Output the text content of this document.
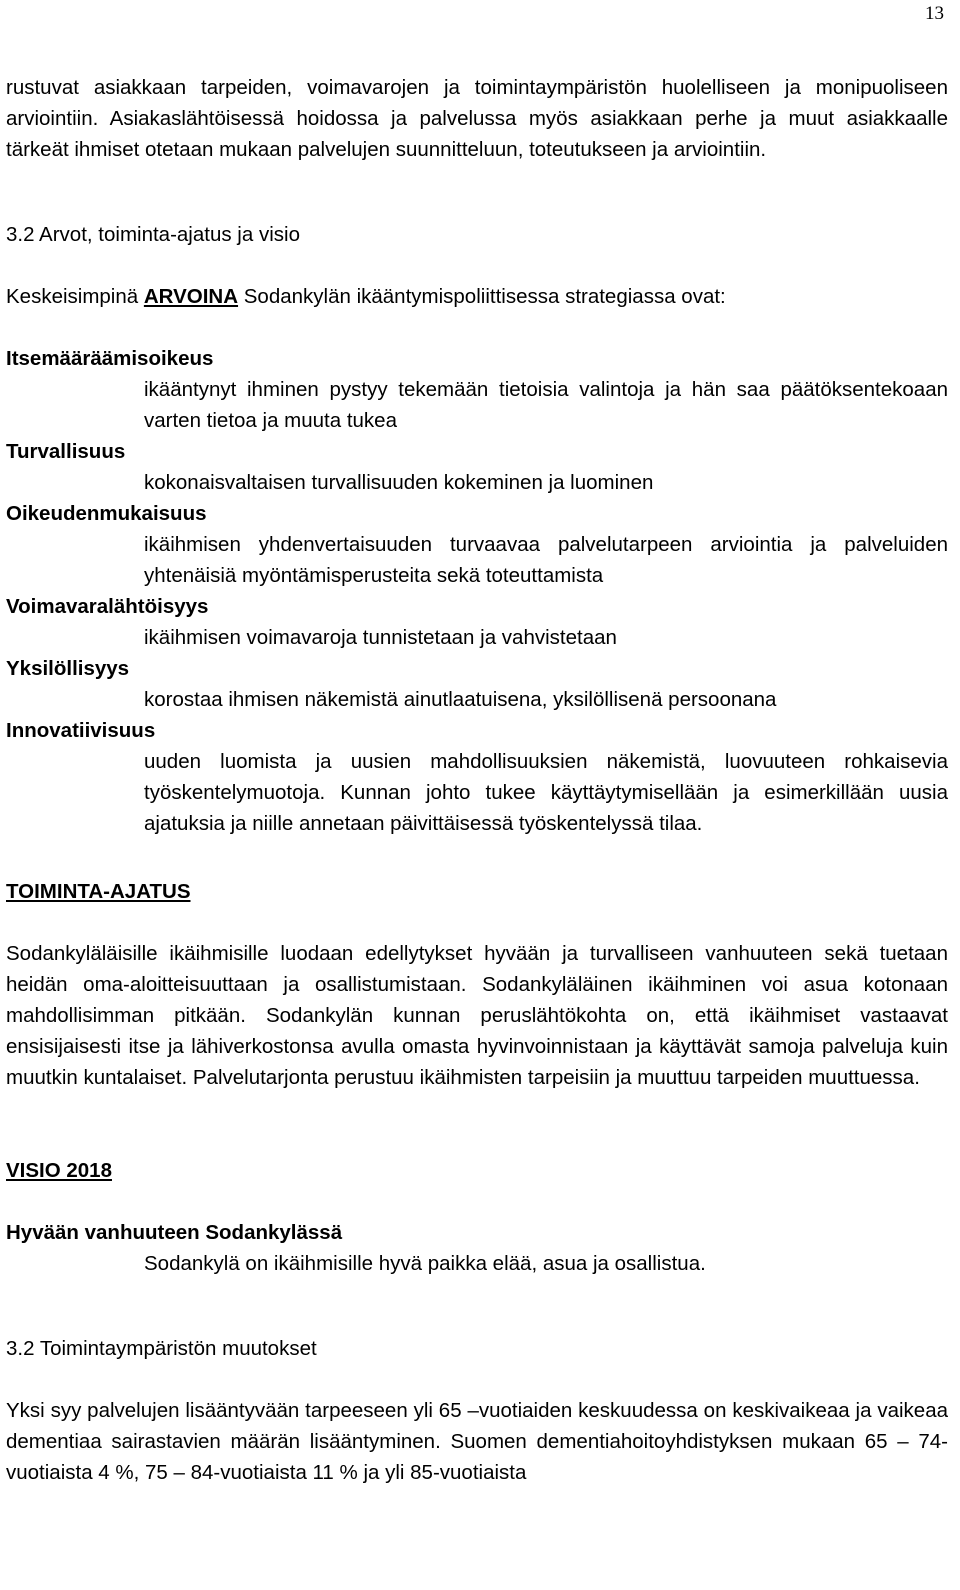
13

rustuvat asiakkaan tarpeiden, voimavarojen ja toimintaympäristön huolelliseen ja monipuoliseen arviointiin. Asiakaslähtöisessä hoidossa ja palvelussa myös asiakkaan perhe ja muut asiakkaalle tärkeät ihmiset otetaan mukaan palvelujen suunnitteluun, toteutukseen ja arviointiin.

3.2 Arvot, toiminta-ajatus ja visio

Keskeisimpinä ARVOINA Sodankylän ikääntymispoliittisessa strategiassa ovat:

Itsemääräämisoikeus

ikääntynyt ihminen pystyy tekemään tietoisia valintoja ja hän saa päätöksentekoaan varten tietoa ja muuta tukea

Turvallisuus

kokonaisvaltaisen turvallisuuden kokeminen ja luominen

Oikeudenmukaisuus

ikäihmisen yhdenvertaisuuden turvaavaa palvelutarpeen arviointia ja palveluiden yhtenäisiä myöntämisperusteita sekä toteuttamista

Voimavaralähtöisyys

ikäihmisen voimavaroja tunnistetaan ja vahvistetaan

Yksilöllisyys

korostaa ihmisen näkemistä ainutlaatuisena, yksilöllisenä persoonana

Innovatiivisuus

uuden luomista ja uusien mahdollisuuksien näkemistä, luovuuteen rohkaisevia työskentelymuotoja. Kunnan johto tukee käyttäytymisellään ja esimerkillään uusia ajatuksia ja niille annetaan päivittäisessä työskentelyssä tilaa.

TOIMINTA-AJATUS

Sodankyläläisille ikäihmisille luodaan edellytykset hyvään ja turvalliseen vanhuuteen sekä tuetaan heidän oma-aloitteisuuttaan ja osallistumistaan. Sodankyläläinen ikäihminen voi asua kotonaan mahdollisimman pitkään. Sodankylän kunnan peruslähtökohta on, että ikäihmiset vastaavat ensisijaisesti itse ja lähiverkostonsa avulla omasta hyvinvoinnistaan ja käyttävät samoja palveluja kuin muutkin kuntalaiset. Palvelutarjonta perustuu ikäihmisten tarpeisiin ja muuttuu tarpeiden muuttuessa.

VISIO 2018

Hyvään vanhuuteen Sodankylässä

Sodankylä on ikäihmisille hyvä paikka elää, asua ja osallistua.

3.2 Toimintaympäristön muutokset

Yksi syy palvelujen lisääntyvään tarpeeseen yli 65 –vuotiaiden keskuudessa on keskivaikeaa ja vaikeaa dementiaa sairastavien määrän lisääntyminen. Suomen dementiahoitoyhdistyksen mukaan 65 – 74-vuotiaista 4 %, 75 – 84-vuotiaista 11 % ja yli 85-vuotiaista
